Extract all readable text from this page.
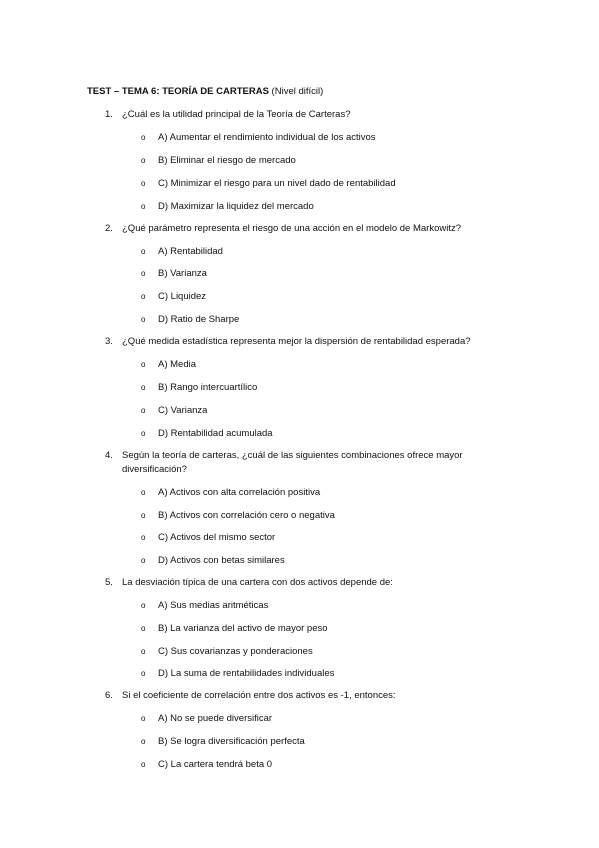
TEST – TEMA 6: TEORÍA DE CARTERAS (Nivel difícil)
1. ¿Cuál es la utilidad principal de la Teoría de Carteras?
o A) Aumentar el rendimiento individual de los activos
o B) Eliminar el riesgo de mercado
o C) Minimizar el riesgo para un nivel dado de rentabilidad
o D) Maximizar la liquidez del mercado
2. ¿Qué parámetro representa el riesgo de una acción en el modelo de Markowitz?
o A) Rentabilidad
o B) Varianza
o C) Liquidez
o D) Ratio de Sharpe
3. ¿Qué medida estadística representa mejor la dispersión de rentabilidad esperada?
o A) Media
o B) Rango intercuartílico
o C) Varianza
o D) Rentabilidad acumulada
4. Según la teoría de carteras, ¿cuál de las siguientes combinaciones ofrece mayor diversificación?
o A) Activos con alta correlación positiva
o B) Activos con correlación cero o negativa
o C) Activos del mismo sector
o D) Activos con betas similares
5. La desviación típica de una cartera con dos activos depende de:
o A) Sus medias aritméticas
o B) La varianza del activo de mayor peso
o C) Sus covarianzas y ponderaciones
o D) La suma de rentabilidades individuales
6. Si el coeficiente de correlación entre dos activos es -1, entonces:
o A) No se puede diversificar
o B) Se logra diversificación perfecta
o C) La cartera tendrá beta 0
